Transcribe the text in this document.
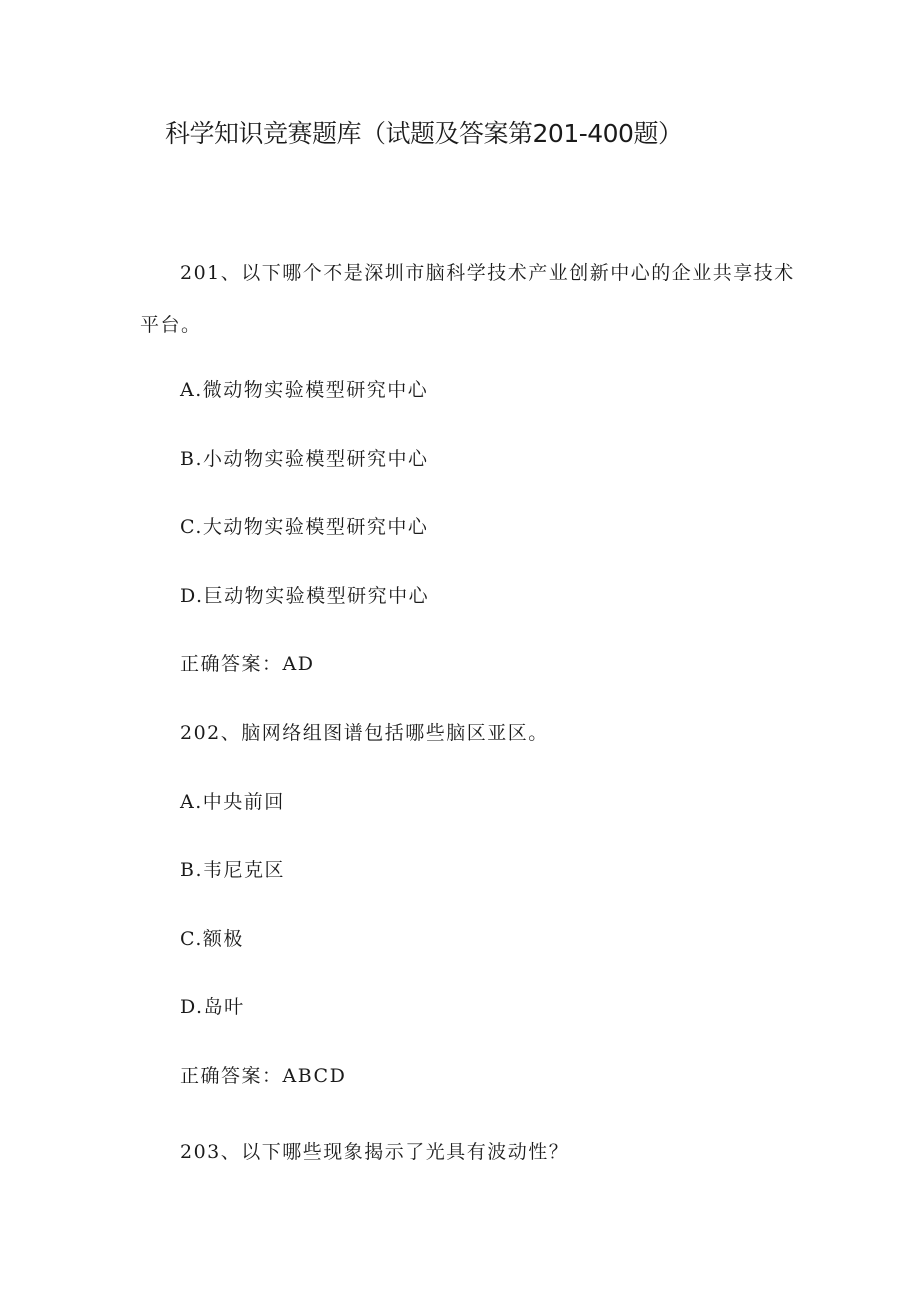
科学知识竞赛题库（试题及答案第201-400题）

201、以下哪个不是深圳市脑科学技术产业创新中心的企业共享技术

平台。

A.微动物实验模型研究中心

B.小动物实验模型研究中心

C.大动物实验模型研究中心

D.巨动物实验模型研究中心

正确答案：AD

202、脑网络组图谱包括哪些脑区亚区。

A.中央前回

B.韦尼克区

C.额极

D.岛叶

正确答案：ABCD

203、以下哪些现象揭示了光具有波动性？
